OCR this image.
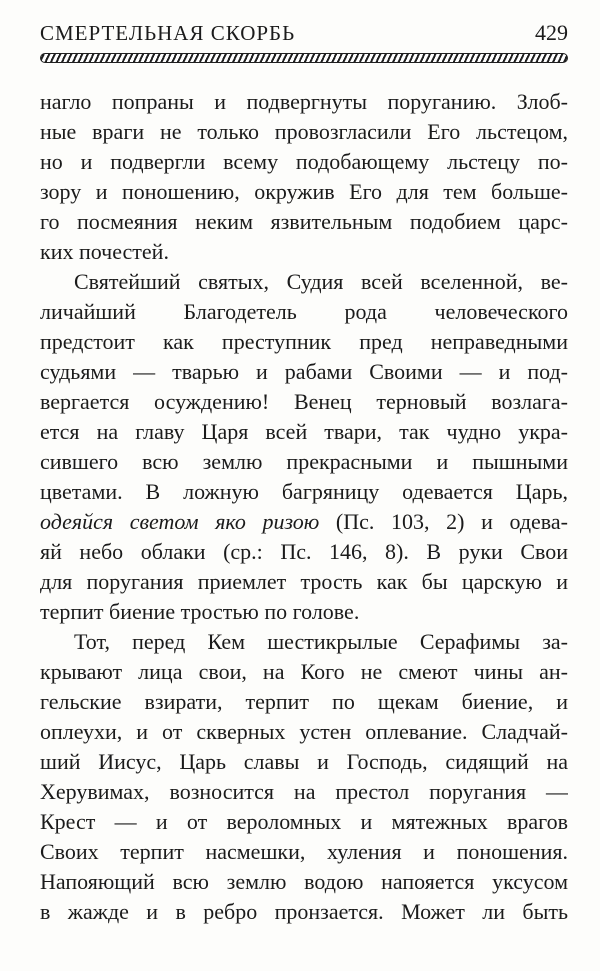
СМЕРТЕЛЬНАЯ СКОРБЬ	429
нагло попраны и подвергнуты поруганию. Злоб-
ные враги не только провозгласили Его льстецом,
но и подвергли всему подобающему льстецу по-
зору и поношению, окружив Его для тем больше-
го посмеяния неким язвительным подобием царс-
ких почестей.
Святейший святых, Судия всей вселенной, ве-
личайший Благодетель рода человеческого
предстоит как преступник пред неправедными
судьями — тварью и рабами Своими — и под-
вергается осуждению! Венец терновый возлага-
ется на главу Царя всей твари, так чудно укра-
сившего всю землю прекрасными и пышными
цветами. В ложную багряницу одевается Царь,
одеяйся светом яко ризою (Пс. 103, 2) и одева-
яй небо облаки (ср.: Пс. 146, 8). В руки Свои
для поругания приемлет трость как бы царскую и
терпит биение тростью по голове.
Тот, перед Кем шестикрылые Серафимы за-
крывают лица свои, на Кого не смеют чины ан-
гельские взирати, терпит по щекам биение, и
оплеухи, и от скверных устен оплевание. Сладчай-
ший Иисус, Царь славы и Господь, сидящий на
Херувимах, возносится на престол поругания —
Крест — и от вероломных и мятежных врагов
Своих терпит насмешки, хуления и поношения.
Напояющий всю землю водою напояется уксусом
в жажде и в ребро пронзается. Может ли быть
